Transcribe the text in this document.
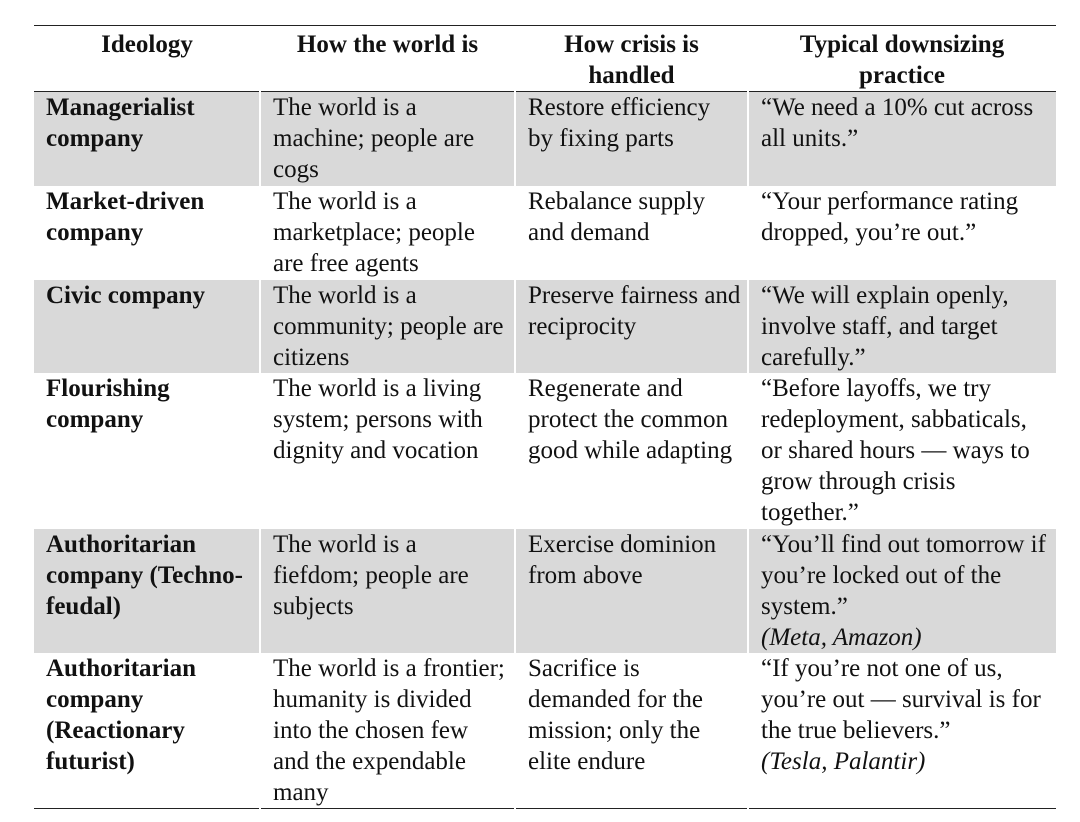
Ideology	How the world is	How crisis is handled	Typical downsizing practice
Managerialist company	The world is a machine; people are cogs	Restore efficiency by fixing parts	“We need a 10% cut across all units.”
Market-driven company	The world is a marketplace; people are free agents	Rebalance supply and demand	“Your performance rating dropped, you’re out.”
Civic company	The world is a community; people are citizens	Preserve fairness and reciprocity	“We will explain openly, involve staff, and target carefully.”
Flourishing company	The world is a living system; persons with dignity and vocation	Regenerate and protect the common good while adapting	“Before layoffs, we try redeployment, sabbaticals, or shared hours — ways to grow through crisis together.”
Authoritarian company (Techno-feudal)	The world is a fiefdom; people are subjects	Exercise dominion from above	“You’ll find out tomorrow if you’re locked out of the system.”
(Meta, Amazon)
Authoritarian company (Reactionary futurist)	The world is a frontier; humanity is divided into the chosen few and the expendable many	Sacrifice is demanded for the mission; only the elite endure	“If you’re not one of us, you’re out — survival is for the true believers.”
(Tesla, Palantir)
